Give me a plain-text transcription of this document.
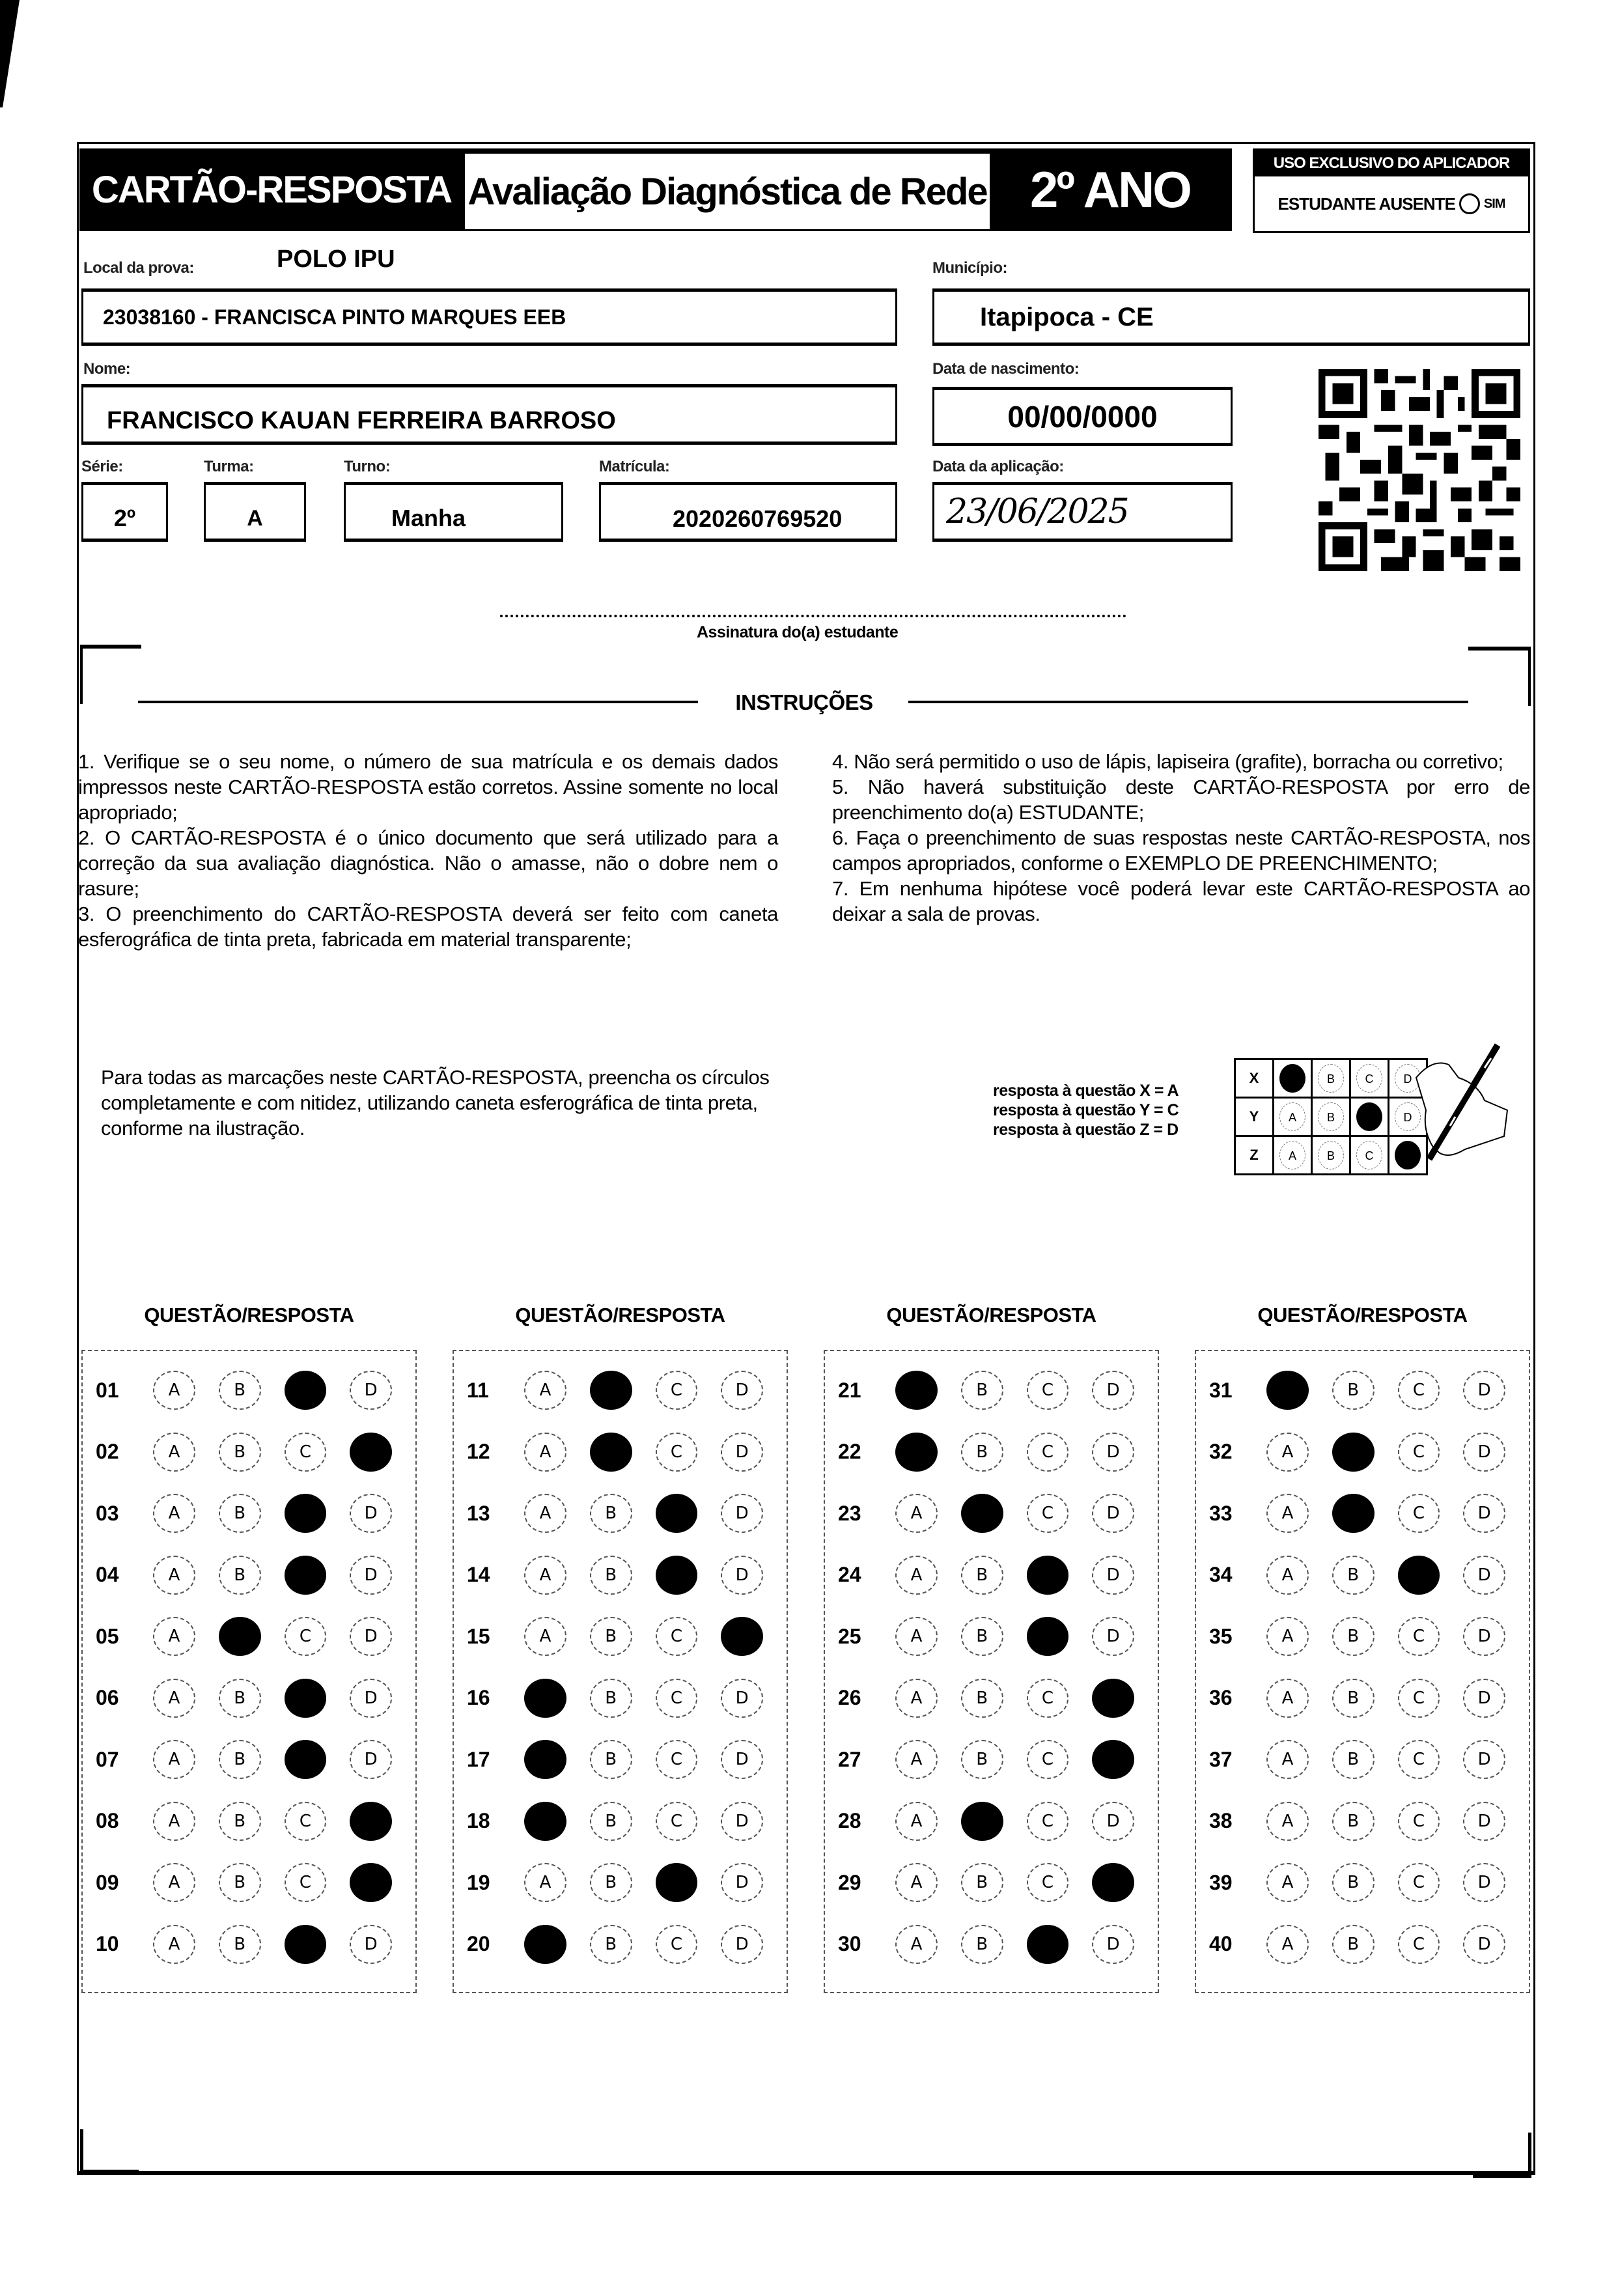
CARTÃO-RESPOSTA Avaliação Diagnóstica de Rede 2º ANO	USO EXCLUSIVO DO APLICADOR
ESTUDANTE AUSENTE SIM
Local da prova:	POLO IPU	Município:
23038160 - FRANCISCA PINTO MARQUES EEB	Itapipoca - CE
Nome:	Data de nascimento:
FRANCISCO KAUAN FERREIRA BARROSO	00/00/0000
Série:	Turma:	Turno:	Matrícula:	Data da aplicação:
2º	A	Manha	2020260769520	23/06/2025
Assinatura do(a) estudante
INSTRUÇÕES

1. Verifique se o seu nome, o número de sua matrícula e os demais dados impressos neste CARTÃO-RESPOSTA estão corretos. Assine somente no local apropriado;

2. O CARTÃO-RESPOSTA é o único documento que será utilizado para a correção da sua avaliação diagnóstica. Não o amasse, não o dobre nem o rasure;

3. O preenchimento do CARTÃO-RESPOSTA deverá ser feito com caneta esferográfica de tinta preta, fabricada em material transparente;

4. Não será permitido o uso de lápis, lapiseira (grafite), borracha ou corretivo;

5. Não haverá substituição deste CARTÃO-RESPOSTA por erro de preenchimento do(a) ESTUDANTE;

6. Faça o preenchimento de suas respostas neste CARTÃO-RESPOSTA, nos campos apropriados, conforme o EXEMPLO DE PREENCHIMENTO;

7. Em nenhuma hipótese você poderá levar este CARTÃO-RESPOSTA ao deixar a sala de provas.

Para todas as marcações neste CARTÃO-RESPOSTA, preencha os círculos completamente e com nitidez, utilizando caneta esferográfica de tinta preta, conforme na ilustração.
resposta à questão X = A
resposta à questão Y = C
resposta à questão Z = D
X	A	B	C	D
Y	A	B	C	D
Z	A	B	C	D
QUESTÃO/RESPOSTA	QUESTÃO/RESPOSTA	QUESTÃO/RESPOSTA	QUESTÃO/RESPOSTA
01	A	B	C	D
02	A	B	C	D
03	A	B	C	D
04	A	B	C	D
05	A	B	C	D
06	A	B	C	D
07	A	B	C	D
08	A	B	C	D
09	A	B	C	D
10	A	B	C	D
11	A	B	C	D
12	A	B	C	D
13	A	B	C	D
14	A	B	C	D
15	A	B	C	D
16	A	B	C	D
17	A	B	C	D
18	A	B	C	D
19	A	B	C	D
20	A	B	C	D
21	A	B	C	D
22	A	B	C	D
23	A	B	C	D
24	A	B	C	D
25	A	B	C	D
26	A	B	C	D
27	A	B	C	D
28	A	B	C	D
29	A	B	C	D
30	A	B	C	D
31	A	B	C	D
32	A	B	C	D
33	A	B	C	D
34	A	B	C	D
35	A	B	C	D
36	A	B	C	D
37	A	B	C	D
38	A	B	C	D
39	A	B	C	D
40	A	B	C	D
